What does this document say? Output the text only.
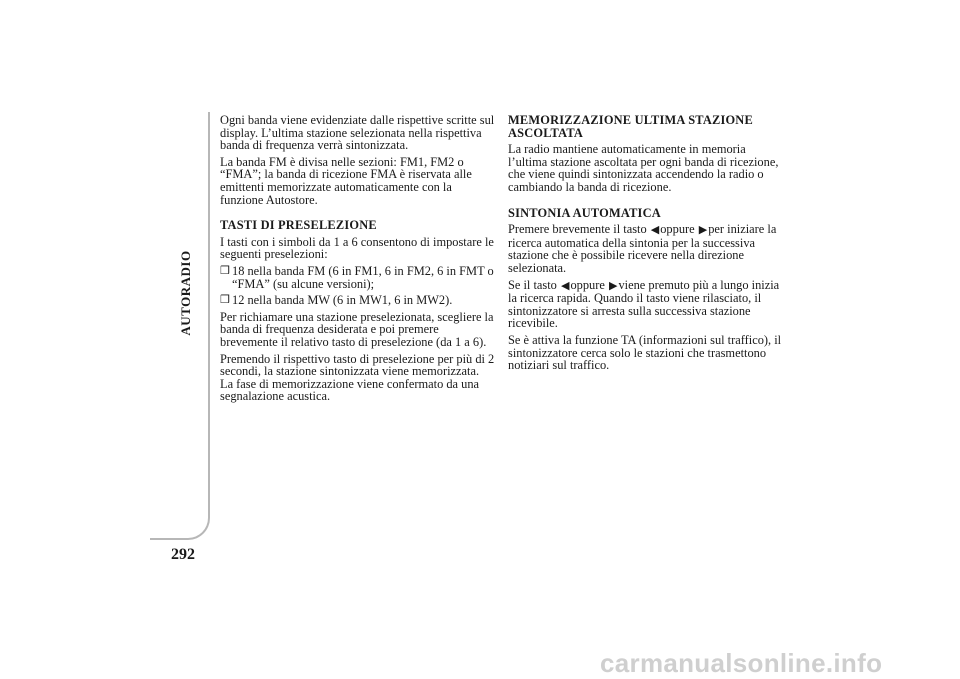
AUTORADIO
292

Ogni banda viene evidenziate dalle rispettive scritte sul display. L’ultima stazione selezionata nella rispettiva banda di frequenza verrà sintonizzata.

La banda FM è divisa nelle sezioni: FM1, FM2 o “FMA”; la banda di ricezione FMA è riservata alle emittenti memorizzate automaticamente con la funzione Autostore.

TASTI DI PRESELEZIONE

I tasti con i simboli da 1 a 6 consentono di impostare le seguenti preselezioni:

❒ 18 nella banda FM (6 in FM1, 6 in FM2, 6 in FMT o “FMA” (su alcune versioni);
❒ 12 nella banda MW (6 in MW1, 6 in MW2).

Per richiamare una stazione preselezionata, scegliere la banda di frequenza desiderata e poi premere brevemente il relativo tasto di preselezione (da 1 a 6).

Premendo il rispettivo tasto di preselezione per più di 2 secondi, la stazione sintonizzata viene memorizzata. La fase di memorizzazione viene confermato da una segnalazione acustica.

MEMORIZZAZIONE ULTIMA STAZIONE ASCOLTATA

La radio mantiene automaticamente in memoria l’ultima stazione ascoltata per ogni banda di ricezione, che viene quindi sintonizzata accendendo la radio o cambiando la banda di ricezione.

SINTONIA AUTOMATICA

Premere brevemente il tasto ◀oppure ▶per iniziare la ricerca automatica della sintonia per la successiva stazione che è possibile ricevere nella direzione selezionata.

Se il tasto ◀oppure ▶viene premuto più a lungo inizia la ricerca rapida. Quando il tasto viene rilasciato, il sintonizzatore si arresta sulla successiva stazione ricevibile.

Se è attiva la funzione TA (informazioni sul traffico), il sintonizzatore cerca solo le stazioni che trasmettono notiziari sul traffico.

carmanualsonline.info
